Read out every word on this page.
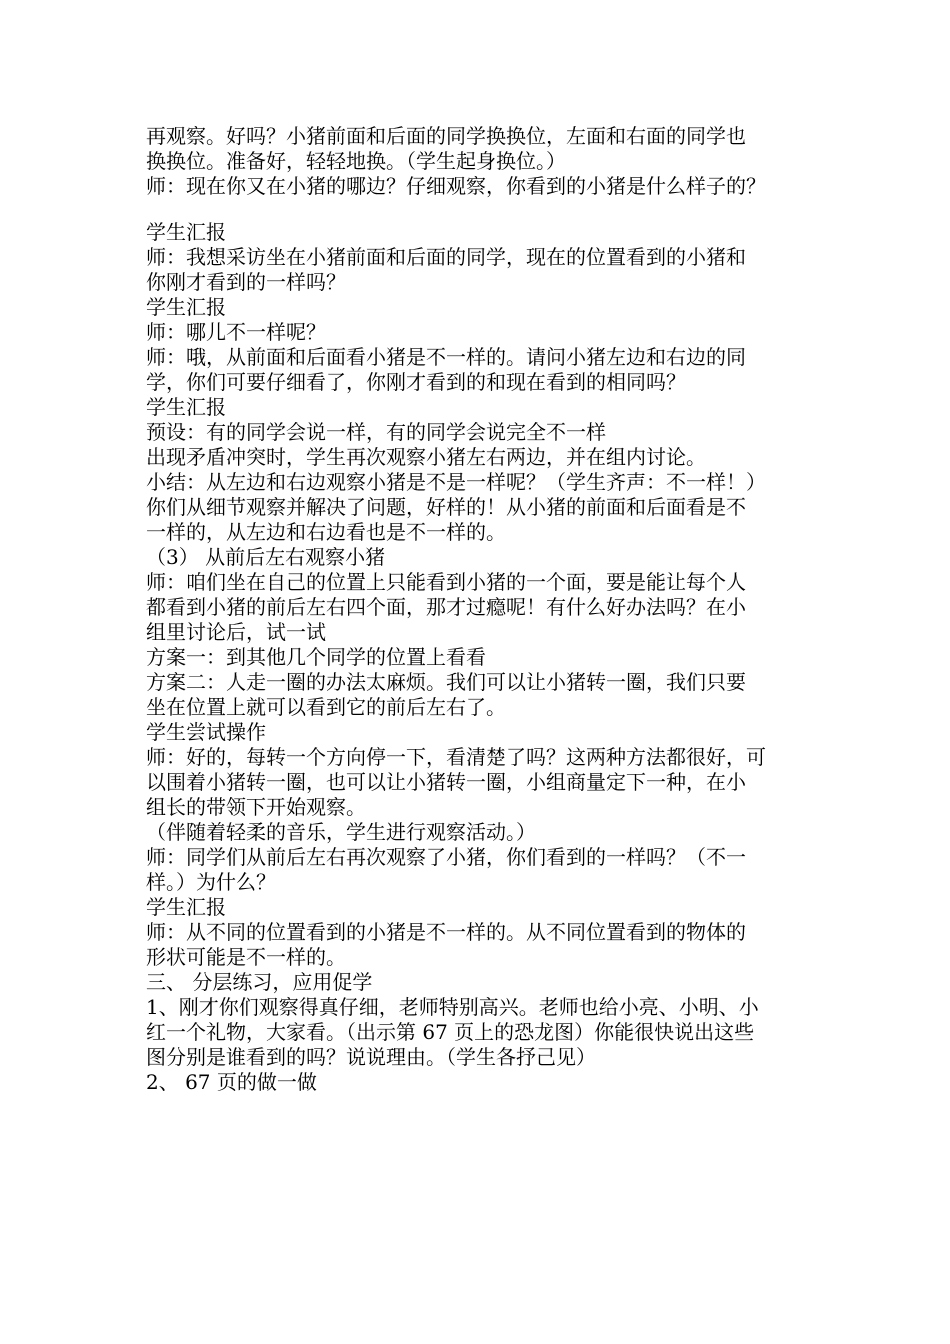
再观察。好吗？小猪前面和后面的同学换换位，左面和右面的同学也

换换位。准备好，轻轻地换。（学生起身换位。）

师：现在你又在小猪的哪边？仔细观察，你看到的小猪是什么样子的？

学生汇报

师：我想采访坐在小猪前面和后面的同学，现在的位置看到的小猪和

你刚才看到的一样吗？

学生汇报

师：哪儿不一样呢？

师：哦，从前面和后面看小猪是不一样的。请问小猪左边和右边的同

学，你们可要仔细看了，你刚才看到的和现在看到的相同吗？

学生汇报

预设：有的同学会说一样，有的同学会说完全不一样

出现矛盾冲突时，学生再次观察小猪左右两边，并在组内讨论。

小结：从左边和右边观察小猪是不是一样呢？（学生齐声：不一样！）

你们从细节观察并解决了问题，好样的！从小猪的前面和后面看是不

一样的，从左边和右边看也是不一样的。

（3） 从前后左右观察小猪

师：咱们坐在自己的位置上只能看到小猪的一个面，要是能让每个人

都看到小猪的前后左右四个面，那才过瘾呢！有什么好办法吗？在小

组里讨论后，试一试

方案一：到其他几个同学的位置上看看

方案二：人走一圈的办法太麻烦。我们可以让小猪转一圈，我们只要

坐在位置上就可以看到它的前后左右了。

学生尝试操作

师：好的，每转一个方向停一下，看清楚了吗？这两种方法都很好，可

以围着小猪转一圈，也可以让小猪转一圈，小组商量定下一种，在小

组长的带领下开始观察。

（伴随着轻柔的音乐，学生进行观察活动。）

师：同学们从前后左右再次观察了小猪，你们看到的一样吗？（不一

样。）为什么？

学生汇报

师：从不同的位置看到的小猪是不一样的。从不同位置看到的物体的

形状可能是不一样的。

三、 分层练习，应用促学

1、刚才你们观察得真仔细，老师特别高兴。老师也给小亮、小明、小

红一个礼物，大家看。（出示第 67 页上的恐龙图）你能很快说出这些

图分别是谁看到的吗？说说理由。（学生各抒己见）

2、 67 页的做一做
